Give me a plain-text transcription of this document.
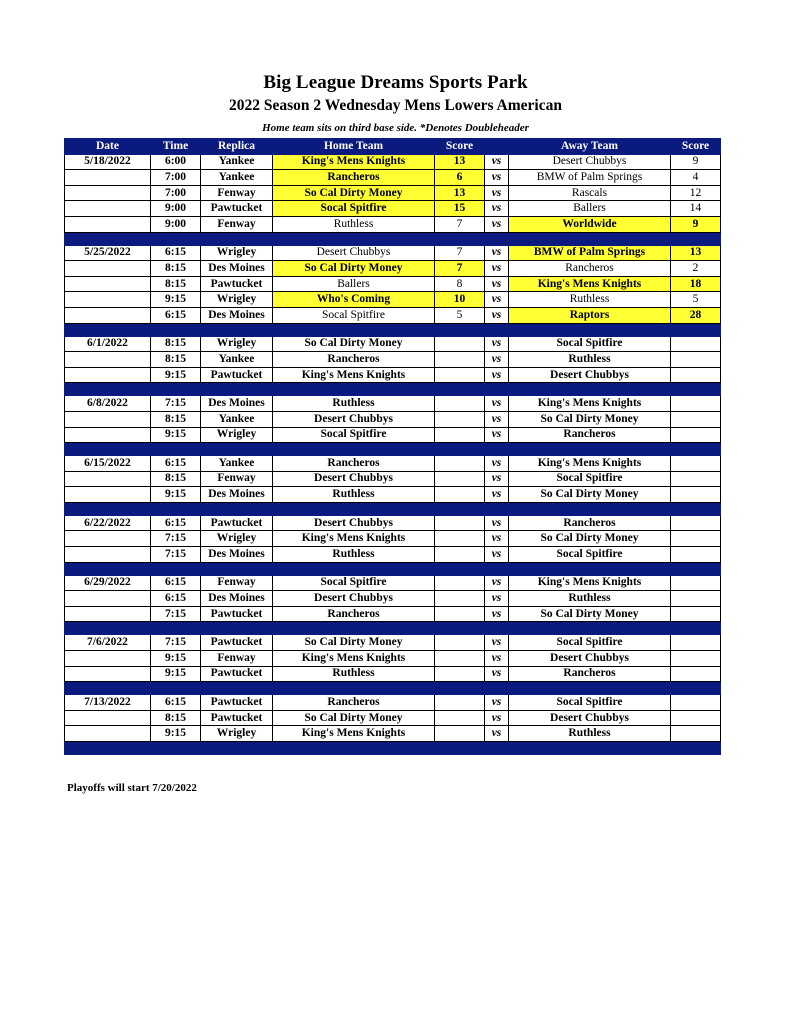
Big League Dreams Sports Park
2022 Season 2 Wednesday Mens Lowers American
Home team sits on third base side. *Denotes Doubleheader
Date	Time	Replica	Home Team	Score		Away Team	Score
5/18/2022	6:00	Yankee	King's Mens Knights	13	vs	Desert Chubbys	9
	7:00	Yankee	Rancheros	6	vs	BMW of Palm Springs	4
	7:00	Fenway	So Cal Dirty Money	13	vs	Rascals	12
	9:00	Pawtucket	Socal Spitfire	15	vs	Ballers	14
	9:00	Fenway	Ruthless	7	vs	Worldwide	9

5/25/2022	6:15	Wrigley	Desert Chubbys	7	vs	BMW of Palm Springs	13
	8:15	Des Moines	So Cal Dirty Money	7	vs	Rancheros	2
	8:15	Pawtucket	Ballers	8	vs	King's Mens Knights	18
	9:15	Wrigley	Who's Coming	10	vs	Ruthless	5
	6:15	Des Moines	Socal Spitfire	5	vs	Raptors	28

6/1/2022	8:15	Wrigley	So Cal Dirty Money		vs	Socal Spitfire	
	8:15	Yankee	Rancheros		vs	Ruthless	
	9:15	Pawtucket	King's Mens Knights		vs	Desert Chubbys	

6/8/2022	7:15	Des Moines	Ruthless		vs	King's Mens Knights	
	8:15	Yankee	Desert Chubbys		vs	So Cal Dirty Money	
	9:15	Wrigley	Socal Spitfire		vs	Rancheros	

6/15/2022	6:15	Yankee	Rancheros		vs	King's Mens Knights	
	8:15	Fenway	Desert Chubbys		vs	Socal Spitfire	
	9:15	Des Moines	Ruthless		vs	So Cal Dirty Money	

6/22/2022	6:15	Pawtucket	Desert Chubbys		vs	Rancheros	
	7:15	Wrigley	King's Mens Knights		vs	So Cal Dirty Money	
	7:15	Des Moines	Ruthless		vs	Socal Spitfire	

6/29/2022	6:15	Fenway	Socal Spitfire		vs	King's Mens Knights	
	6:15	Des Moines	Desert Chubbys		vs	Ruthless	
	7:15	Pawtucket	Rancheros		vs	So Cal Dirty Money	

7/6/2022	7:15	Pawtucket	So Cal Dirty Money		vs	Socal Spitfire	
	9:15	Fenway	King's Mens Knights		vs	Desert Chubbys	
	9:15	Pawtucket	Ruthless		vs	Rancheros	

7/13/2022	6:15	Pawtucket	Rancheros		vs	Socal Spitfire	
	8:15	Pawtucket	So Cal Dirty Money		vs	Desert Chubbys	
	9:15	Wrigley	King's Mens Knights		vs	Ruthless	

Playoffs will start 7/20/2022
